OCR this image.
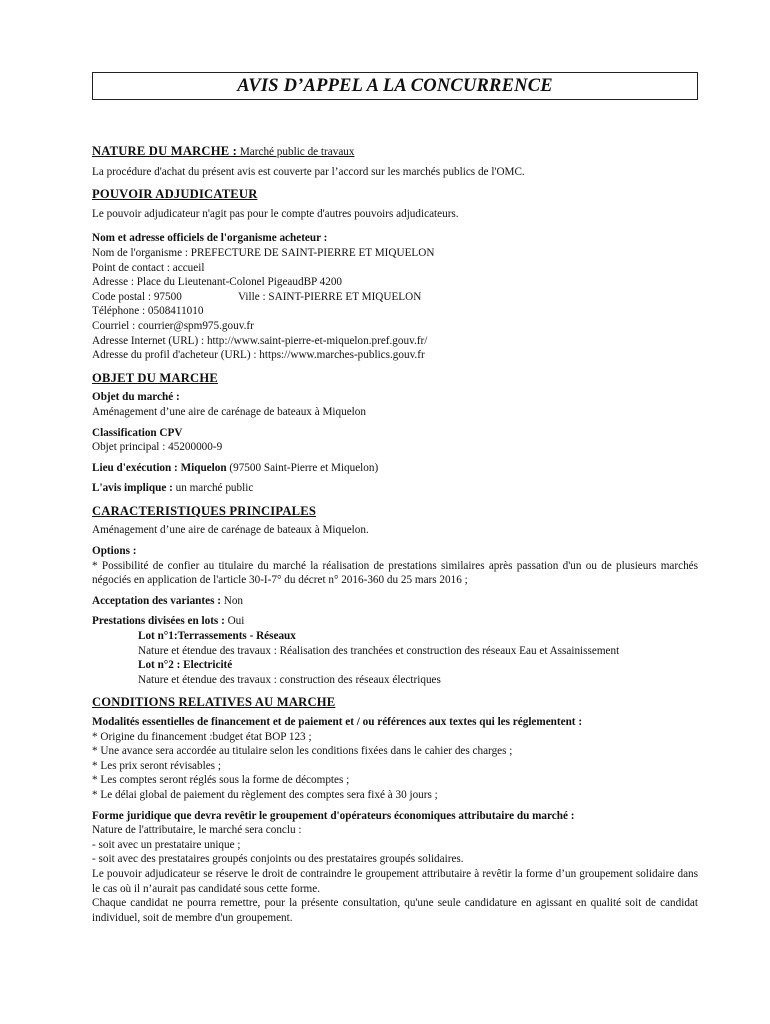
AVIS D’APPEL A LA CONCURRENCE
NATURE DU MARCHE : Marché public de travaux
La procédure d'achat du présent avis est couverte par l’accord sur les marchés publics de l'OMC.
POUVOIR ADJUDICATEUR
Le pouvoir adjudicateur n'agit pas pour le compte d'autres pouvoirs adjudicateurs.
Nom et adresse officiels de l'organisme acheteur :
Nom de l'organisme : PREFECTURE DE SAINT-PIERRE ET MIQUELON
Point de contact : accueil
Adresse : Place du Lieutenant-Colonel PigeaudBP 4200
Code postal : 97500	Ville : SAINT-PIERRE ET MIQUELON
Téléphone : 0508411010
Courriel : courrier@spm975.gouv.fr
Adresse Internet (URL) : http://www.saint-pierre-et-miquelon.pref.gouv.fr/
Adresse du profil d'acheteur (URL) : https://www.marches-publics.gouv.fr
OBJET DU MARCHE
Objet du marché :
Aménagement d’une aire de carénage de bateaux à Miquelon
Classification CPV
Objet principal : 45200000-9
Lieu d'exécution : Miquelon (97500 Saint-Pierre et Miquelon)
L'avis implique : un marché public
CARACTERISTIQUES PRINCIPALES
Aménagement d’une aire de carénage de bateaux à Miquelon.
Options :
* Possibilité de confier au titulaire du marché la réalisation de prestations similaires après passation d'un ou de plusieurs marchés négociés en application de l'article 30-I-7° du décret n° 2016-360 du 25 mars 2016 ;
Acceptation des variantes : Non
Prestations divisées en lots : Oui
Lot n°1:Terrassements - Réseaux
Nature et étendue des travaux : Réalisation des tranchées et construction des réseaux Eau et Assainissement
Lot n°2 : Electricité
Nature et étendue des travaux : construction des réseaux électriques
CONDITIONS RELATIVES AU MARCHE
Modalités essentielles de financement et de paiement et / ou références aux textes qui les réglementent :
* Origine du financement :budget état BOP 123 ;
* Une avance sera accordée au titulaire selon les conditions fixées dans le cahier des charges ;
* Les prix seront révisables ;
* Les comptes seront réglés sous la forme de décomptes ;
* Le délai global de paiement du règlement des comptes sera fixé à 30 jours ;
Forme juridique que devra revêtir le groupement d'opérateurs économiques attributaire du marché :
Nature de l'attributaire, le marché sera conclu :
- soit avec un prestataire unique ;
- soit avec des prestataires groupés conjoints ou des prestataires groupés solidaires.
Le pouvoir adjudicateur se réserve le droit de contraindre le groupement attributaire à revêtir la forme d’un groupement solidaire dans le cas où il n’aurait pas candidaté sous cette forme.
Chaque candidat ne pourra remettre, pour la présente consultation, qu'une seule candidature en agissant en qualité soit de candidat individuel, soit de membre d'un groupement.
